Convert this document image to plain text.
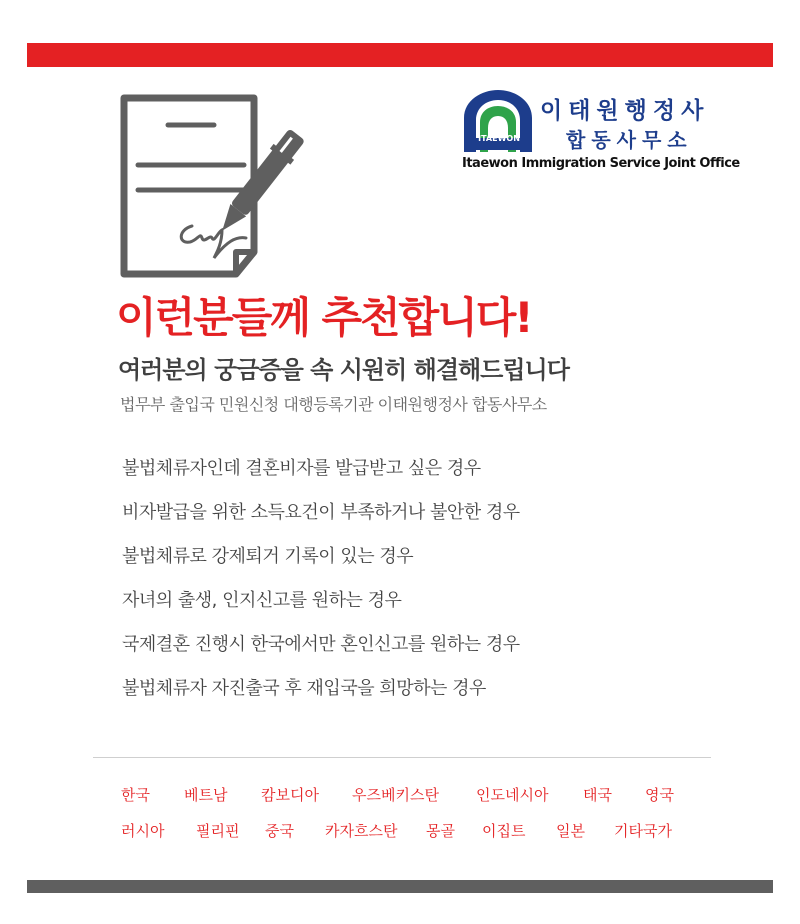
ITAEWON
이태원행정사
합동사무소
Itaewon Immigration Service Joint Office
이런분들께 추천합니다!
여러분의 궁금증을 속 시원히 해결해드립니다
법무부 출입국 민원신청 대행등록기관 이태원행정사 합동사무소
불법체류자인데 결혼비자를 발급받고 싶은 경우
비자발급을 위한 소득요건이 부족하거나 불안한 경우
불법체류로 강제퇴거 기록이 있는 경우
자녀의 출생, 인지신고를 원하는 경우
국제결혼 진행시 한국에서만 혼인신고를 원하는 경우
불법체류자 자진출국 후 재입국을 희망하는 경우
한국 베트남 캄보디아 우즈베키스탄 인도네시아 태국 영국
러시아 필리핀 중국 카자흐스탄 몽골 이집트 일본 기타국가
